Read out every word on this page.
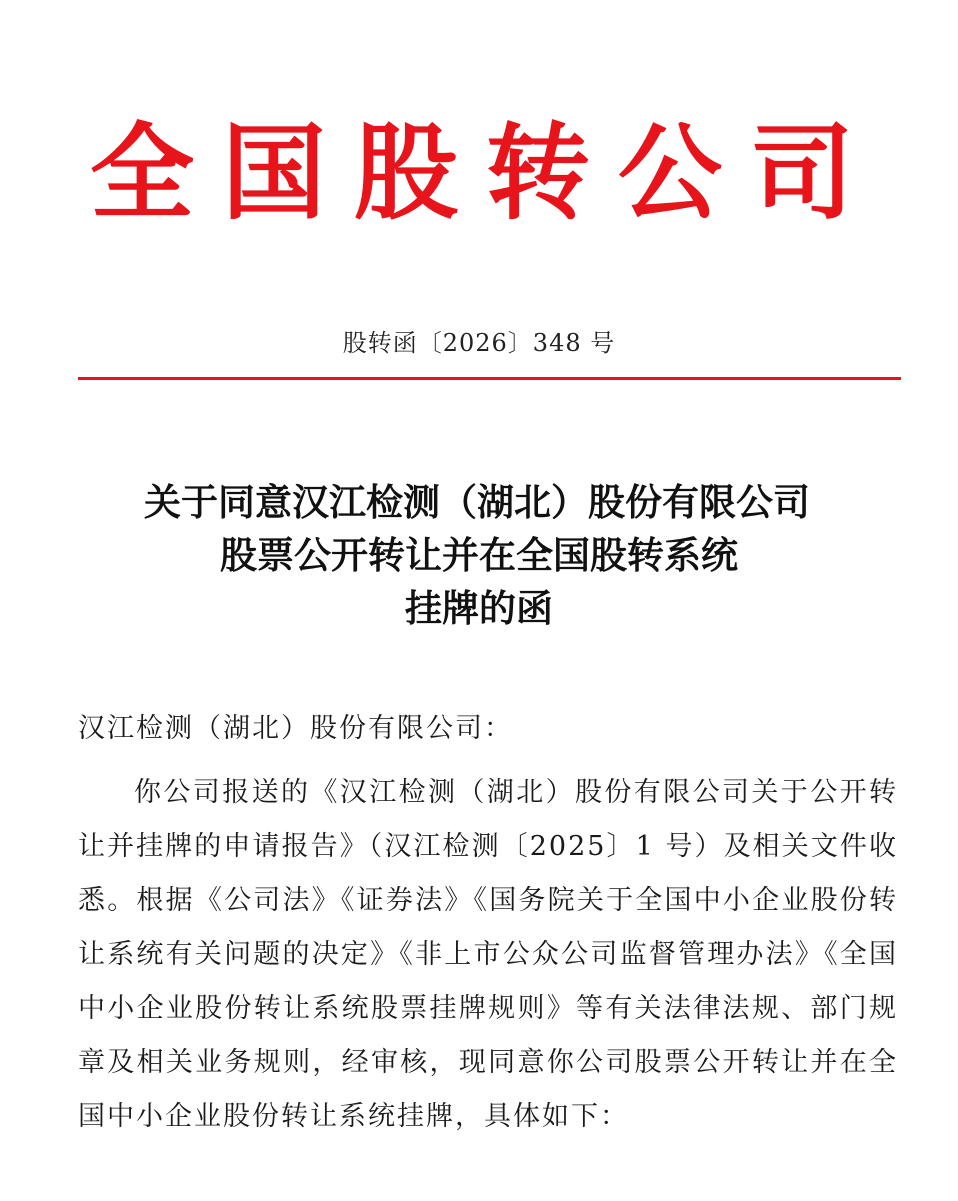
全国股转公司
股转函〔2026〕348 号
关于同意汉江检测（湖北）股份有限公司
股票公开转让并在全国股转系统
挂牌的函
汉江检测（湖北）股份有限公司：

你公司报送的《汉江检测（湖北）股份有限公司关于公开转让并挂牌的申请报告》（汉江检测〔2025〕1 号）及相关文件收悉。根据《公司法》《证券法》《国务院关于全国中小企业股份转让系统有关问题的决定》《非上市公众公司监督管理办法》《全国中小企业股份转让系统股票挂牌规则》等有关法律法规、部门规章及相关业务规则，经审核，现同意你公司股票公开转让并在全国中小企业股份转让系统挂牌，具体如下：
